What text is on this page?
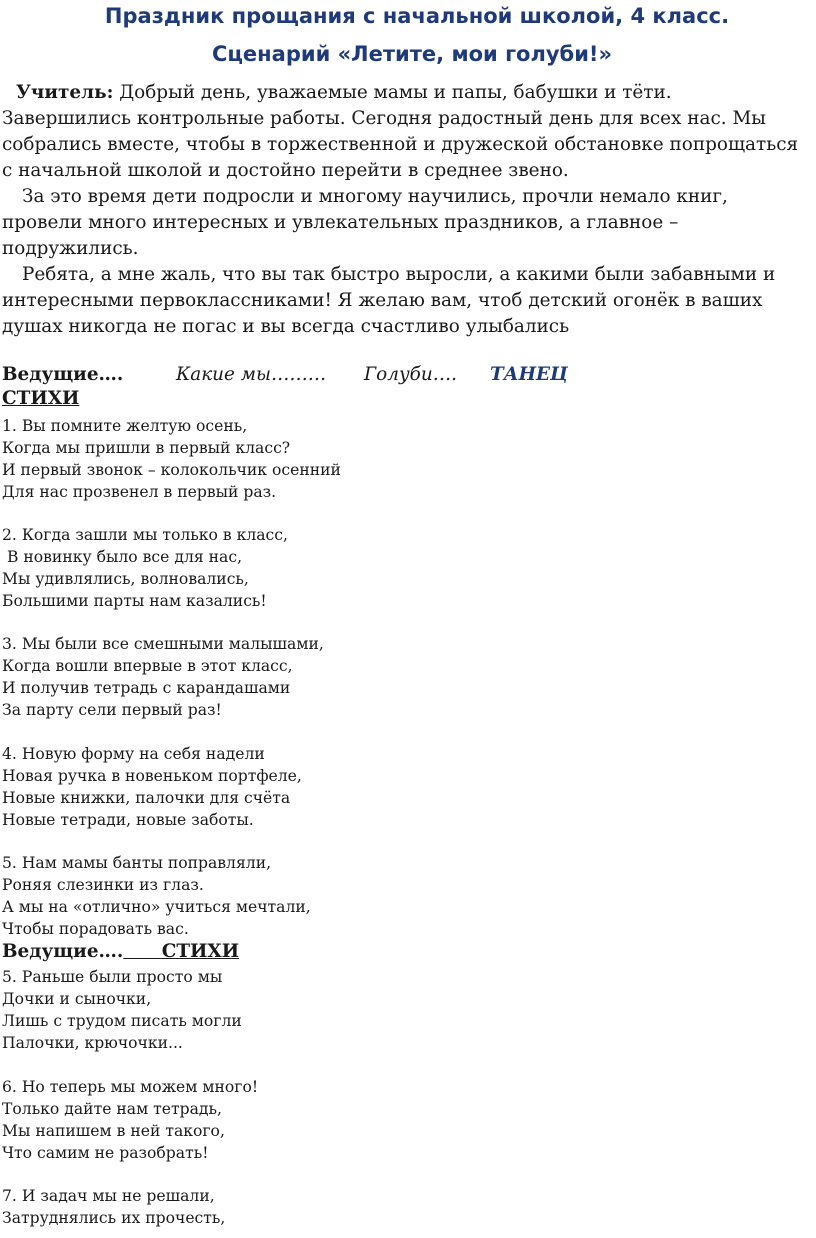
Праздник прощания с начальной школой, 4 класс.
Сценарий «Летите, мои голуби!»
Учитель: Добрый день, уважаемые мамы и папы, бабушки и тёти.
Завершились контрольные работы. Сегодня радостный день для всех нас. Мы
собрались вместе, чтобы в торжественной и дружеской обстановке попрощаться
с начальной школой и достойно перейти в среднее звено.
За это время дети подросли и многому научились, прочли немало книг,
провели много интересных и увлекательных праздников, а главное –
подружились.
Ребята, а мне жаль, что вы так быстро выросли, а какими были забавными и
интересными первоклассниками! Я желаю вам, чтоб детский огонёк в ваших
душах никогда не погас и вы всегда счастливо улыбались
Ведущие….	Какие мы……… Голуби…. ТАНЕЦ
СТИХИ
1. Вы помните желтую осень,
Когда мы пришли в первый класс?
И первый звонок – колокольчик осенний
Для нас прозвенел в первый раз.
2. Когда зашли мы только в класс,
В новинку было все для нас,
Мы удивлялись, волновались,
Большими парты нам казались!
3. Мы были все смешными малышами,
Когда вошли впервые в этот класс,
И получив тетрадь с карандашами
За парту сели первый раз!
4. Новую форму на себя надели
Новая ручка в новеньком портфеле,
Новые книжки, палочки для счёта
Новые тетради, новые заботы.
5. Нам мамы банты поправляли,
Роняя слезинки из глаз.
А мы на «отлично» учиться мечтали,
Чтобы порадовать вас.
Ведущие…. СТИХИ
5. Раньше были просто мы
Дочки и сыночки,
Лишь с трудом писать могли
Палочки, крючочки...
6. Но теперь мы можем много!
Только дайте нам тетрадь,
Мы напишем в ней такого,
Что самим не разобрать!
7. И задач мы не решали,
Затруднялись их прочесть,
